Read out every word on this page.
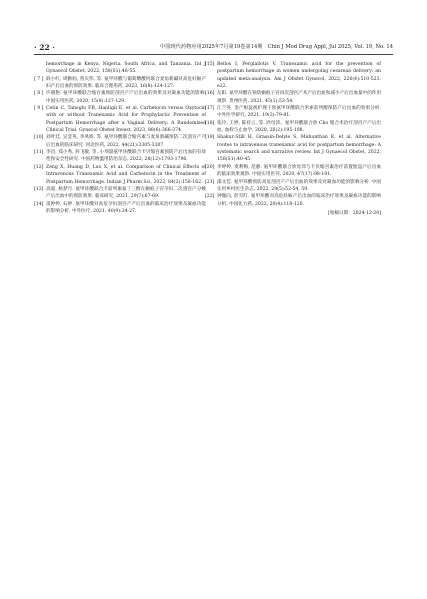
· 22 ·	中国现代药物应用2025年7月第19卷第14期　Chin J Mod Drug Appl, Jul 2025, Vol. 19, No. 14

hemorrhage in Kenya, Nigeria, South Africa, and Tanzania. Int J Gynaecol Obstet, 2022, 158(S1):46-55.

[ 7 ] 薛小红, 周勤仙, 曾庆伟, 等. 氨甲环酸与葡萄糖酸钙联合麦角新碱对高危妊娠产妇产后出血的预防效果. 临床合理用药, 2023, 16(8):124-127.

[ 8 ] 许晓艳. 氨甲环酸联合缩宫素预防剖宫产产后出血的效果及对凝血功能的影响. 中国实用医药, 2020, 15(8):127-129.

[ 9 ] Cetin C, Tanoglu FB, Hanligil E, et al. Carbetocin versus Oxytocin with or without Tranexamic Acid for Prophylactic Prevention of Postpartum Hemorrhage after a Vaginal Delivery: A Randomized Clinical Trial. Gynecol Obstet Invest, 2023, 88(6):366-374.

[10] 刘叶廷, 吴莹英, 李凤娇, 等. 氨甲环酸联合缩宫素与麦角新碱预防二次剖宫产产后出血的临床研究. 河北医药, 2022, 44(21):3305-3307.

[11] 李昌, 郑小秀, 何飞敏, 等. 小剂量氨甲环酸联合卡贝缩宫素预防产后出血的有效性和安全性研究. 中国药物滥用防治杂志, 2022, 28(12):1793-1796.

[12] Zeng X, Huang D, Luo X, et al. Comparison of Clinical Effects of Intravenous Tranexamic Acid and Carbetocin in the Treatment of Postpartum Hemorrhage. Indian J Pharm Sci, 2022, 84(2):158-162.

[13] 高爱, 杨梦月. 氨甲环酸联合卡前列素氨丁三醇在瘢痕子宫孕妇二次剖宫产分娩产后出血中的预防效果. 临床研究, 2021, 29(7):67-69.

[14] 雷婷婷, 石婷. 氨甲环酸对高危孕妇剖宫产产后出血的临床治疗效果及凝血功能的影响分析. 中外医疗, 2021, 40(9):24-27.

[15] Bellos I, Pergialiotis V. Tranexamic acid for the prevention of postpartum hemorrhage in women undergoing cesarean delivery: an updated meta-analysis. Am J Obstet Gynecol, 2022, 226(4):510-523. e22.

[16] 岳阳. 氨甲环酸在预防瘢痕子宫再次剖宫产术产后出血和减少产后出血量中的作用观察. 贵州医药, 2021, 45(1):53-54.

[17] 江兰英. 金产根蕊视护理干预氨甲环酸联合米索前列醇预防产后出血的效果分析. 中外医学研究, 2021, 19(3):79-81.

[18] 张玲, 王婷, 陈祥云, 等. 欣母沛、氨甲环酸联合欣 Cho 缝合术治疗剖宫产产后出血. 血栓与止血学, 2020, 26(2):195-198.

[19] Shakur-Still H, Grassin-Delyle S, Muhunthan K, et al. Alternative routes to intravenous tranexamic acid for postpartum hemorrhage: A systematic search and narrative review. Int J Gynaecol Obstet, 2022, 158(S1):40-45.

[20] 李婷婷, 麦利梅, 范静. 氨甲环酸联合欣母沛与卡贝缩宫素治疗前置胎盘产后出血的临床效果观察. 中国实用医刊, 2020, 47(17):98-101.

[21] 邵文佳. 氨甲环酸预防高危剖宫产产后出血的效果及对凝血功能的影响分析. 中国实用乡村医生杂志, 2022, 29(5):52-54, 59.

[22] 钟微向, 彭雪红. 氨甲环酸对高危妊娠产后出血的临床治疗效果及凝血功能的影响分析. 中国化方药, 2022, 20(4):118-120.

[收稿日期：2024-12-20]
